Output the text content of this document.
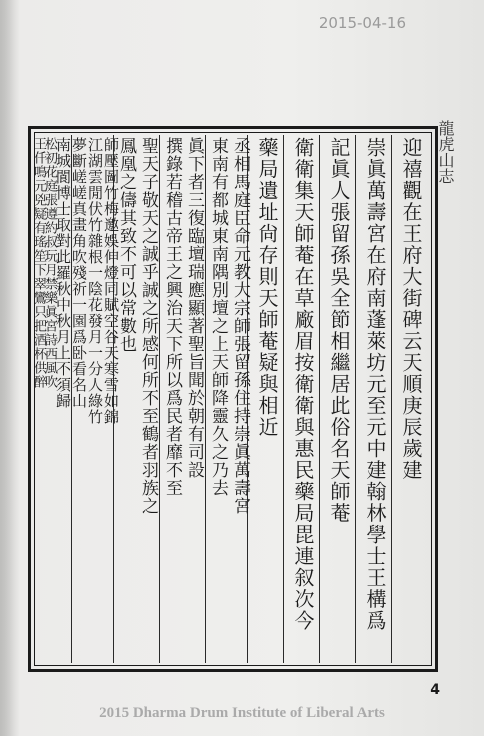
2015-04-16
龍虎山志
迎禧觀在王府大街碑云天順庚辰歲建
崇眞萬壽宮在府南蓬萊坊元至元中建翰林學士王構爲
記眞人張留孫吳全節相繼居此俗名天師菴
衛衛集天師菴在草廠眉按衛衛與惠民藥局毘連叙次今
藥局遺址尙存則天師菴疑與相近
丞相馬庭臣命元教大宗師張留孫住持崇眞萬壽宮
東南有都城東南隅別壇之上天師降靈久之乃去
眞下者三復臨壇瑞應顯著聖旨聞於朝有司設
撰錄若稽古帝王之興治天下所以爲民者靡不至
聖天子敬天之誠乎誠之所感何所不至鶴者羽族之
鳳凰之儔其致不可以常數也
師壓圖竹梅邀娛伸燈同賦空谷天寒雪如錦
江湖雲閒伏竹雜根一陰花發月一分人綠竹
夢斷嵯嵯真畫角吹殘祈一園爲卧看名山
南城閬博士取對此羅秋中秋月上不須歸
松初花庭張遵約叔玩月禁樂眞宮詩西風吹
王仟鳴元兇疑有瑤笙下翠鸞只把酒杯供醉
4
2015 Dharma Drum Institute of Liberal Arts
